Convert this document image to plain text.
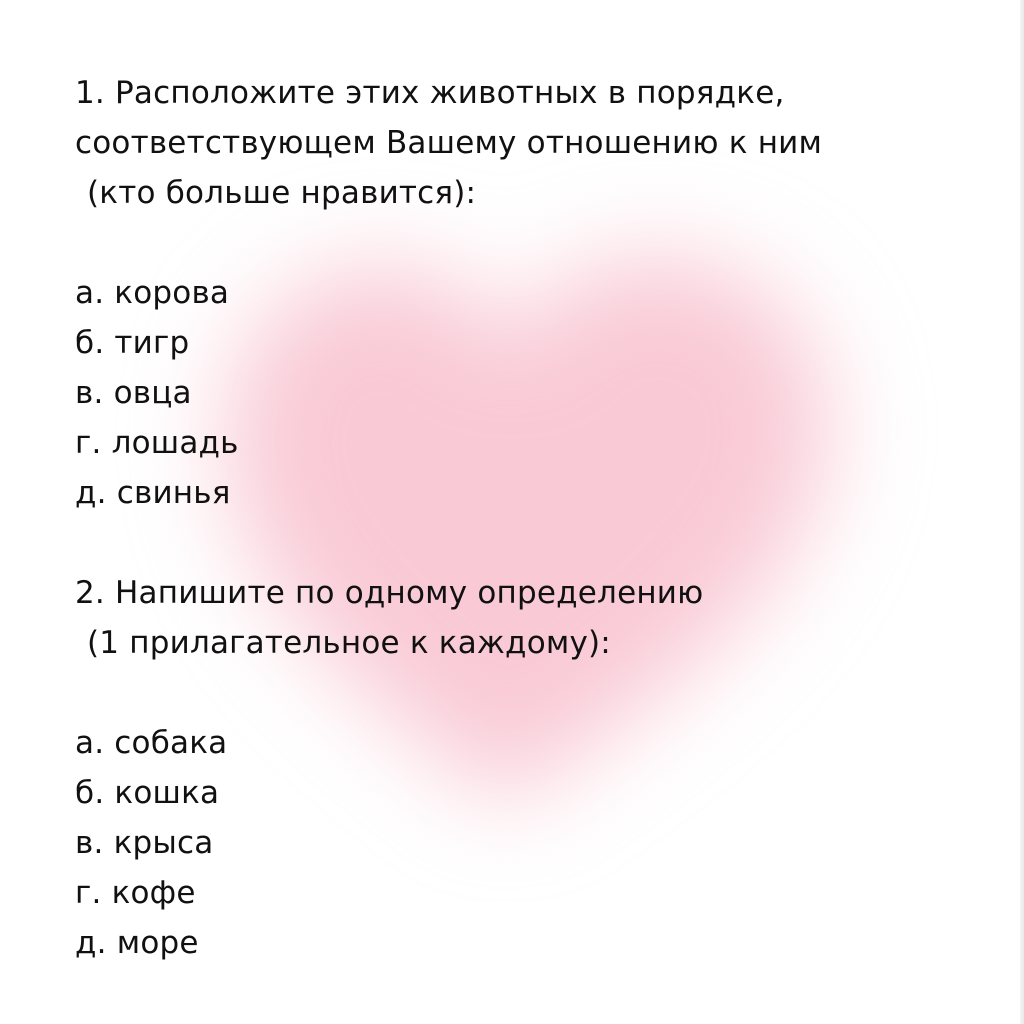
1. Расположите этих животных в порядке,
соответствующем Вашему отношению к ним
(кто больше нравится):
а. корова
б. тигр
в. овца
г. лошадь
д. свинья
2. Напишите по одному определению
(1 прилагательное к каждому):
а. собака
б. кошка
в. крыса
г. кофе
д. море
